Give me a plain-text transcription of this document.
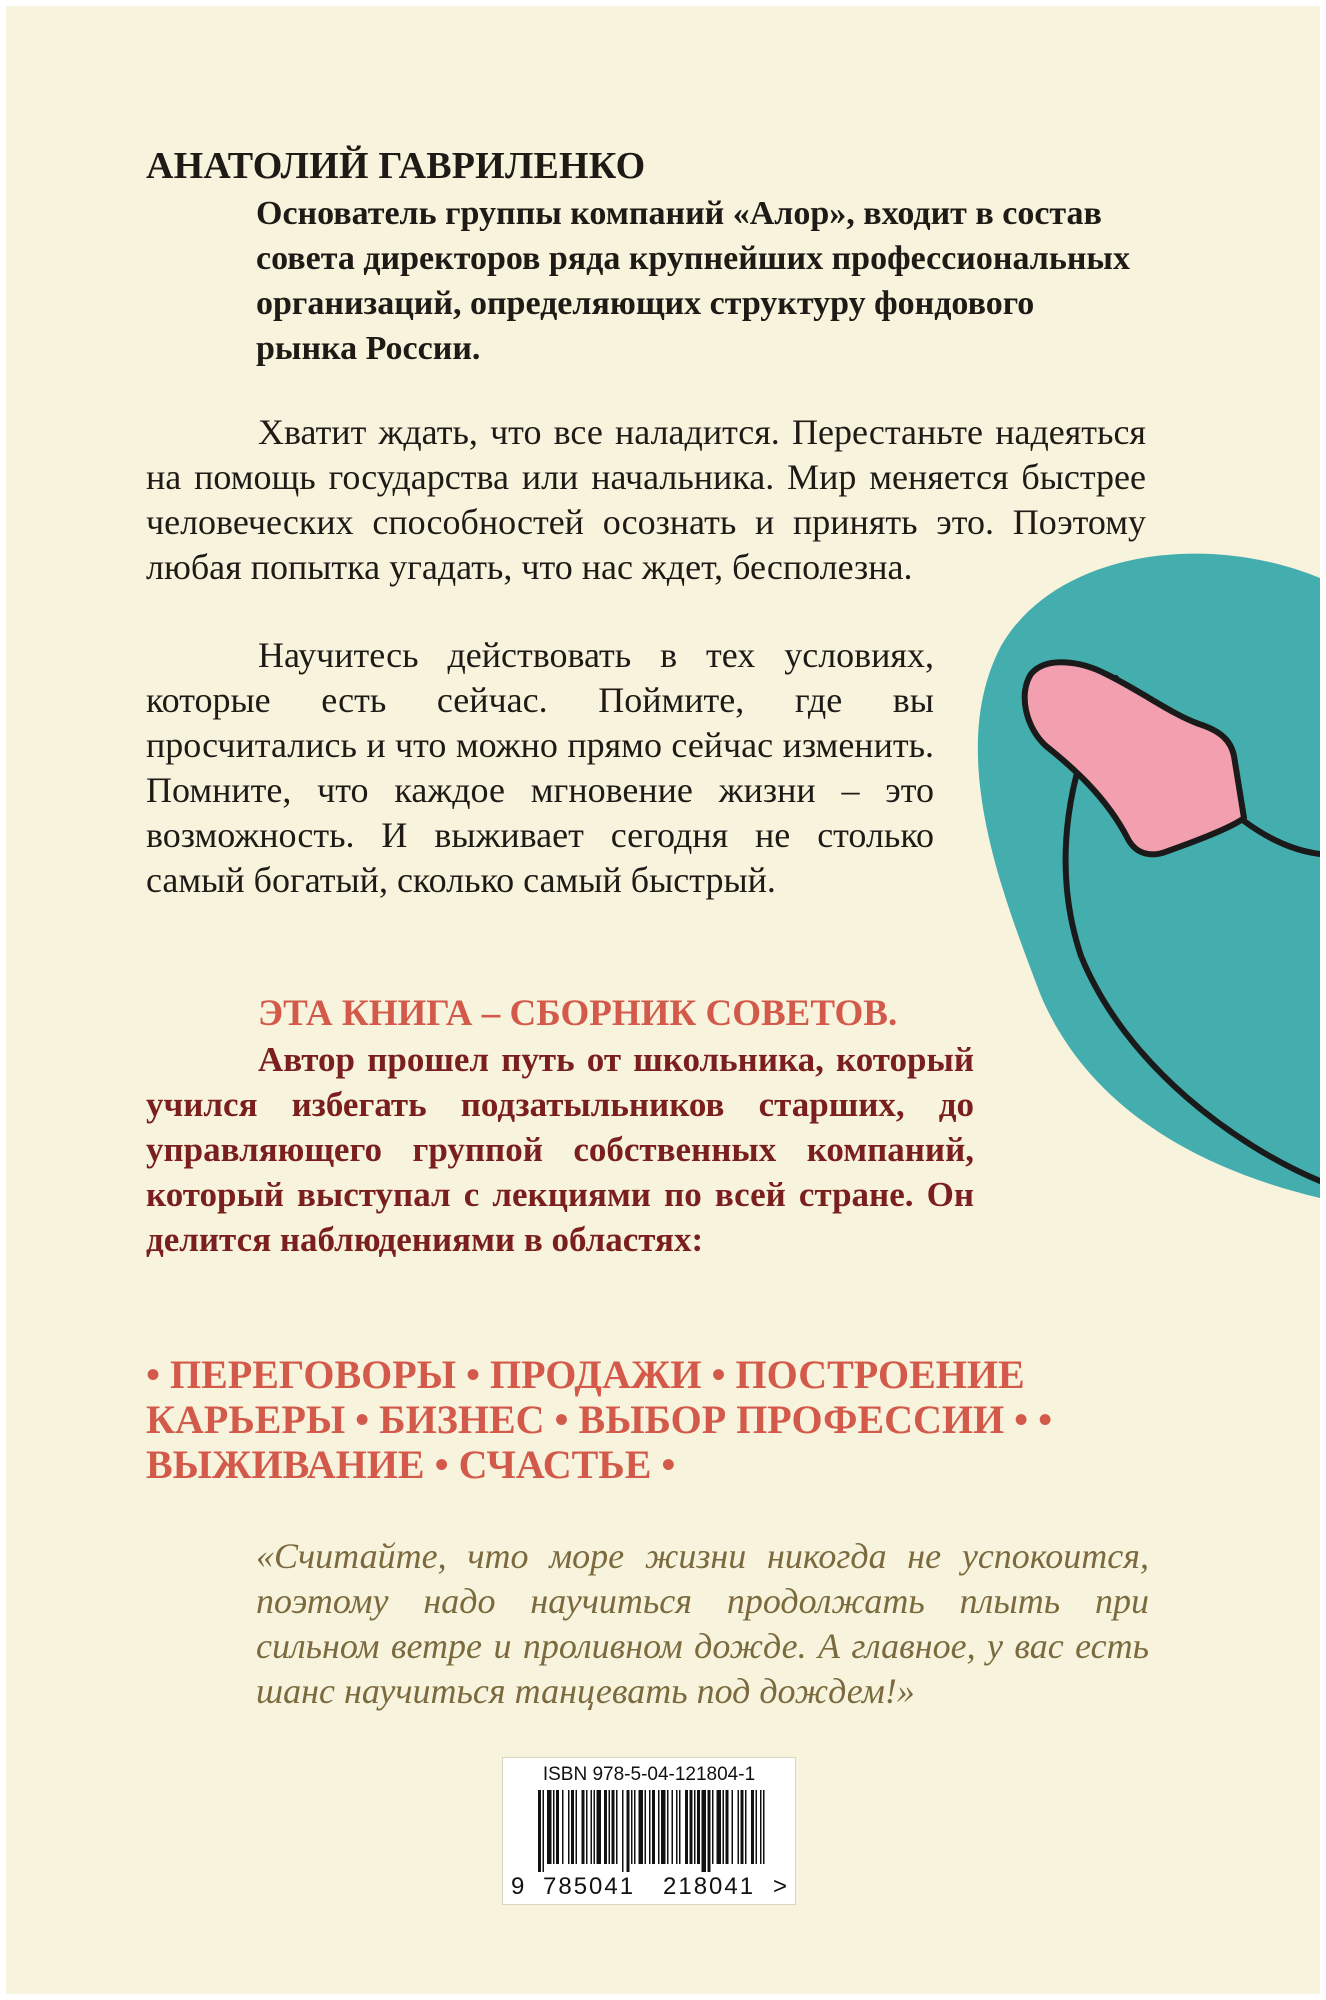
АНАТОЛИЙ ГАВРИЛЕНКО

Основатель группы компаний «Алор», входит в состав совета директоров ряда крупнейших профессиональных организаций, определяющих структуру фондового рынка России.

Хватит ждать, что все наладится. Перестаньте надеяться на помощь государства или начальника. Мир меняется быстрее человеческих способностей осознать и принять это. Поэтому любая попытка угадать, что нас ждет, бесполезна.

Научитесь действовать в тех условиях, которые есть сейчас. Поймите, где вы просчитались и что можно прямо сейчас изменить. Помните, что каждое мгновение жизни – это возможность. И выживает сегодня не столько самый богатый, сколько самый быстрый.

ЭТА КНИГА – СБОРНИК СОВЕТОВ.

Автор прошел путь от школьника, который учился избегать подзатыльников старших, до управляющего группой собственных компаний, который выступал с лекциями по всей стране. Он делится наблюдениями в областях:

• ПЕРЕГОВОРЫ • ПРОДАЖИ • ПОСТРОЕНИЕ КАРЬЕРЫ • БИЗНЕС • ВЫБОР ПРОФЕССИИ • • ВЫЖИВАНИЕ • СЧАСТЬЕ •

«Считайте, что море жизни никогда не успокоится, поэтому надо научиться продолжать плыть при сильном ветре и проливном дожде. А главное, у вас есть шанс научиться танцевать под дождем!»

ISBN 978-5-04-121804-1
9 785041 218041 >
